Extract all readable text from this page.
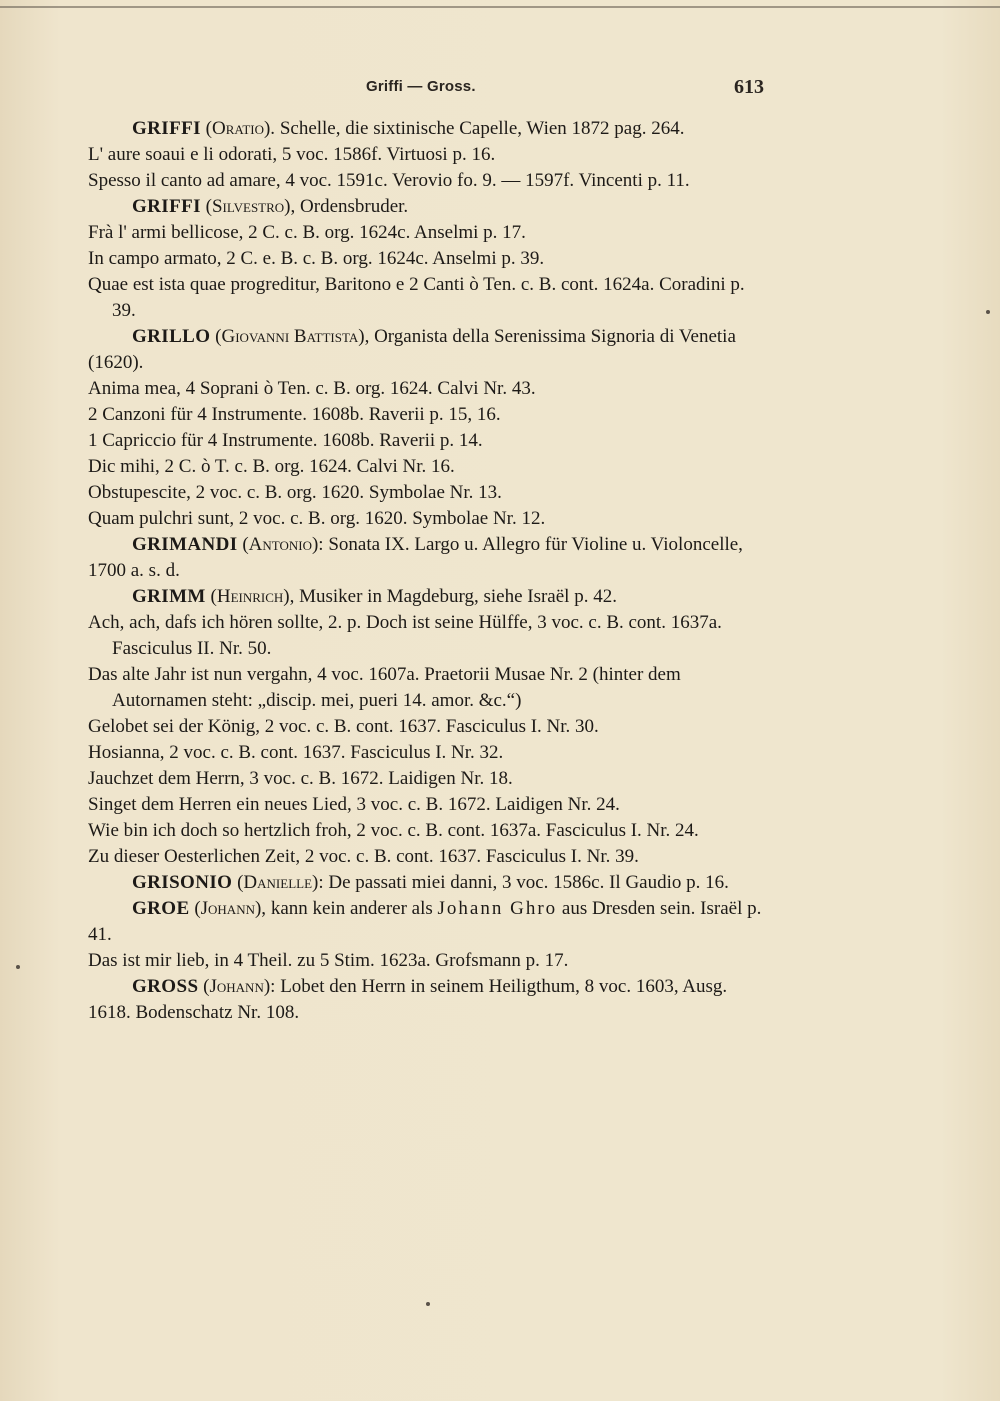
Griffi — Gross.	613

GRIFFI (Oratio). Schelle, die sixtinische Capelle, Wien 1872 pag. 264.

L' aure soaui e li odorati, 5 voc. 1586f. Virtuosi p. 16.

Spesso il canto ad amare, 4 voc. 1591c. Verovio fo. 9. — 1597f. Vincenti p. 11.

GRIFFI (Silvestro), Ordensbruder.

Frà l' armi bellicose, 2 C. c. B. org. 1624c. Anselmi p. 17.

In campo armato, 2 C. e. B. c. B. org. 1624c. Anselmi p. 39.

Quae est ista quae progreditur, Baritono e 2 Canti ò Ten. c. B. cont. 1624a. Coradini p. 39.

GRILLO (Giovanni Battista), Organista della Serenissima Signoria di Venetia (1620).

Anima mea, 4 Soprani ò Ten. c. B. org. 1624. Calvi Nr. 43.

2 Canzoni für 4 Instrumente. 1608b. Raverii p. 15, 16.

1 Capriccio für 4 Instrumente. 1608b. Raverii p. 14.

Dic mihi, 2 C. ò T. c. B. org. 1624. Calvi Nr. 16.

Obstupescite, 2 voc. c. B. org. 1620. Symbolae Nr. 13.

Quam pulchri sunt, 2 voc. c. B. org. 1620. Symbolae Nr. 12.

GRIMANDI (Antonio): Sonata IX. Largo u. Allegro für Violine u. Violoncelle, 1700 a. s. d.

GRIMM (Heinrich), Musiker in Magdeburg, siehe Israël p. 42.

Ach, ach, dafs ich hören sollte, 2. p. Doch ist seine Hülffe, 3 voc. c. B. cont. 1637a. Fasciculus II. Nr. 50.

Das alte Jahr ist nun vergahn, 4 voc. 1607a. Praetorii Musae Nr. 2 (hinter dem Autornamen steht: „discip. mei, pueri 14. amor. &c.“)

Gelobet sei der König, 2 voc. c. B. cont. 1637. Fasciculus I. Nr. 30.

Hosianna, 2 voc. c. B. cont. 1637. Fasciculus I. Nr. 32.

Jauchzet dem Herrn, 3 voc. c. B. 1672. Laidigen Nr. 18.

Singet dem Herren ein neues Lied, 3 voc. c. B. 1672. Laidigen Nr. 24.

Wie bin ich doch so hertzlich froh, 2 voc. c. B. cont. 1637a. Fasciculus I. Nr. 24.

Zu dieser Oesterlichen Zeit, 2 voc. c. B. cont. 1637. Fasciculus I. Nr. 39.

GRISONIO (Danielle): De passati miei danni, 3 voc. 1586c. Il Gaudio p. 16.

GROE (Johann), kann kein anderer als Johann Ghro aus Dresden sein. Israël p. 41.

Das ist mir lieb, in 4 Theil. zu 5 Stim. 1623a. Grofsmann p. 17.

GROSS (Johann): Lobet den Herrn in seinem Heiligthum, 8 voc. 1603, Ausg. 1618. Bodenschatz Nr. 108.
